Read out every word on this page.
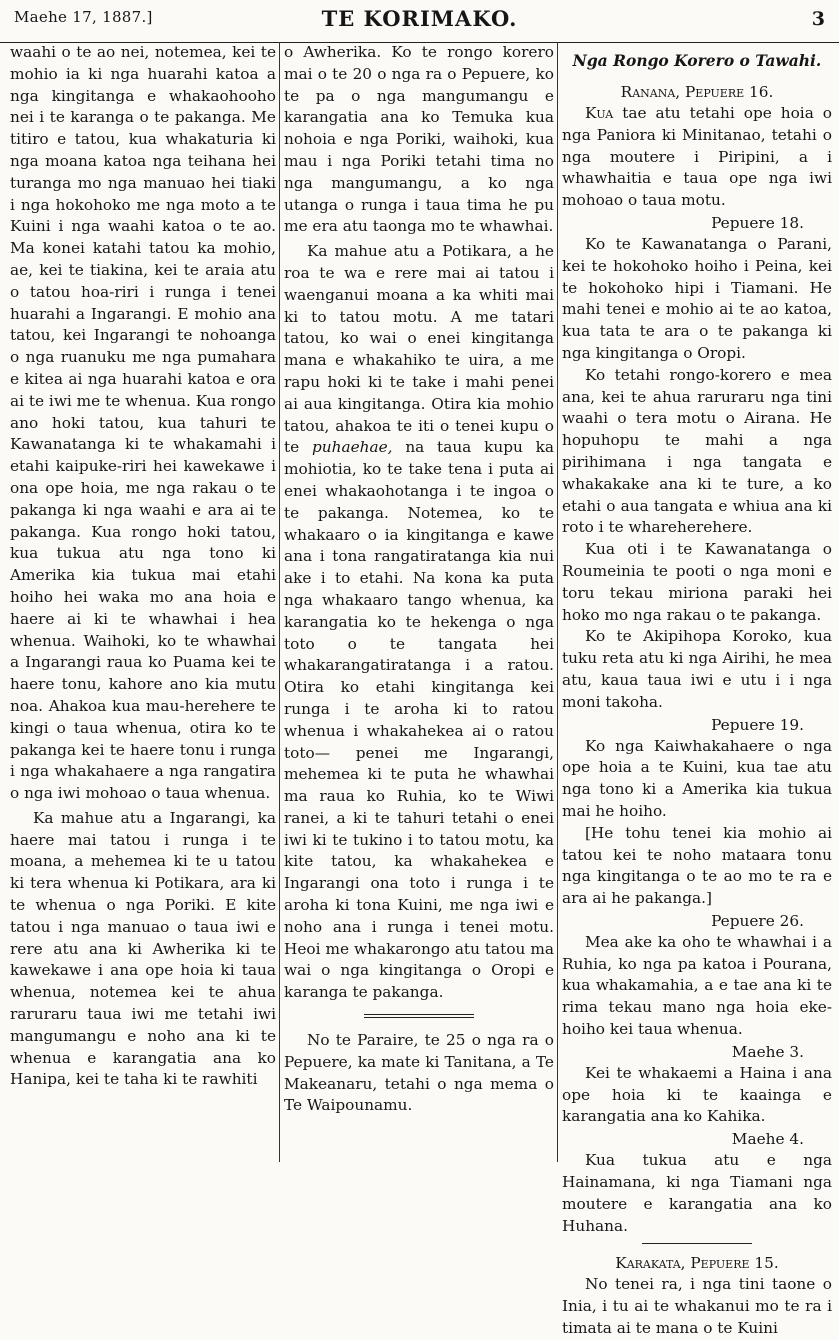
Maehe 17, 1887.]	TE KORIMAKO.	3

waahi o te ao nei, notemea, kei te mohio ia ki nga huarahi katoa a nga kingitanga e whakaohooho nei i te karanga o te pakanga. Me titiro e tatou, kua whakaturia ki nga moana katoa nga teihana hei turanga mo nga manuao hei tiaki i nga hokohoko me nga moto a te Kuini i nga waahi katoa o te ao. Ma konei katahi tatou ka mohio, ae, kei te tiakina, kei te araia atu o tatou hoa-riri i runga i tenei huarahi a Ingarangi. E mohio ana tatou, kei Ingarangi te nohoanga o nga ruanuku me nga pumahara e kitea ai nga huarahi katoa e ora ai te iwi me te whenua. Kua rongo ano hoki tatou, kua tahuri te Kawanatanga ki te whakamahi i etahi kaipuke-riri hei kawekawe i ona ope hoia, me nga rakau o te pakanga ki nga waahi e ara ai te pakanga. Kua rongo hoki tatou, kua tukua atu nga tono ki Amerika kia tukua mai etahi hoiho hei waka mo ana hoia e haere ai ki te whawhai i hea whenua. Waihoki, ko te whawhai a Ingarangi raua ko Puama kei te haere tonu, kahore ano kia mutu noa. Ahakoa kua mau-herehere te kingi o taua whenua, otira ko te pakanga kei te haere tonu i runga i nga whakahaere a nga rangatira o nga iwi mohoao o taua whenua.

Ka mahue atu a Ingarangi, ka haere mai tatou i runga i te moana, a mehemea ki te u tatou ki tera whenua ki Potikara, ara ki te whenua o nga Poriki. E kite tatou i nga manuao o taua iwi e rere atu ana ki Awherika ki te kawekawe i ana ope hoia ki taua whenua, notemea kei te ahua raruraru taua iwi me tetahi iwi mangumangu e noho ana ki te whenua e karangatia ana ko Hanipa, kei te taha ki te rawhiti

o Awherika. Ko te rongo korero mai o te 20 o nga ra o Pepuere, ko te pa o nga mangumangu e karangatia ana ko Temuka kua nohoia e nga Poriki, waihoki, kua mau i nga Poriki tetahi tima no nga mangumangu, a ko nga utanga o runga i taua tima he pu me era atu taonga mo te whawhai.

Ka mahue atu a Potikara, a he roa te wa e rere mai ai tatou i waenganui moana a ka whiti mai ki to tatou motu. A me tatari tatou, ko wai o enei kingitanga mana e whakahiko te uira, a me rapu hoki ki te take i mahi penei ai aua kingitanga. Otira kia mohio tatou, ahakoa te iti o tenei kupu o te puhaehae, na taua kupu ka mohiotia, ko te take tena i puta ai enei whakaohotanga i te ingoa o te pakanga. Notemea, ko te whakaaro o ia kingitanga e kawe ana i tona rangatiratanga kia nui ake i to etahi. Na kona ka puta nga whakaaro tango whenua, ka karangatia ko te hekenga o nga toto o te tangata hei whakarangatiratanga i a ratou. Otira ko etahi kingitanga kei runga i te aroha ki to ratou whenua i whakahekea ai o ratou toto— penei me Ingarangi, mehemea ki te puta he whawhai ma raua ko Ruhia, ko te Wiwi ranei, a ki te tahuri tetahi o enei iwi ki te tukino i to tatou motu, ka kite tatou, ka whakahekea e Ingarangi ona toto i runga i te aroha ki tona Kuini, me nga iwi e noho ana i runga i tenei motu. Heoi me whakarongo atu tatou ma wai o nga kingitanga o Oropi e karanga te pakanga.

No te Paraire, te 25 o nga ra o Pepuere, ka mate ki Tanitana, a Te Makeanaru, tetahi o nga mema o Te Waipounamu.

Nga Rongo Korero o Tawahi.
Ranana, Pepuere 16.

Kua tae atu tetahi ope hoia o nga Paniora ki Minitanao, tetahi o nga moutere i Piripini, a i whawhaitia e taua ope nga iwi mohoao o taua motu.

Pepuere 18.

Ko te Kawanatanga o Parani, kei te hokohoko hoiho i Peina, kei te hokohoko hipi i Tiamani. He mahi tenei e mohio ai te ao katoa, kua tata te ara o te pakanga ki nga kingitanga o Oropi.

Ko tetahi rongo-korero e mea ana, kei te ahua raruraru nga tini waahi o tera motu o Airana. He hopuhopu te mahi a nga pirihimana i nga tangata e whakakake ana ki te ture, a ko etahi o aua tangata e whiua ana ki roto i te whareherehere.

Kua oti i te Kawanatanga o Roumeinia te pooti o nga moni e toru tekau miriona paraki hei hoko mo nga rakau o te pakanga.

Ko te Akipihopa Koroko, kua tuku reta atu ki nga Airihi, he mea atu, kaua taua iwi e utu i i nga moni takoha.

Pepuere 19.

Ko nga Kaiwhakahaere o nga ope hoia a te Kuini, kua tae atu nga tono ki a Amerika kia tukua mai he hoiho.

[He tohu tenei kia mohio ai tatou kei te noho mataara tonu nga kingitanga o te ao mo te ra e ara ai he pakanga.]

Pepuere 26.

Mea ake ka oho te whawhai i a Ruhia, ko nga pa katoa i Pourana, kua whakamahia, a e tae ana ki te rima tekau mano nga hoia eke-hoiho kei taua whenua.

Maehe 3.

Kei te whakaemi a Haina i ana ope hoia ki te kaainga e karangatia ana ko Kahika.

Maehe 4.

Kua tukua atu e nga Hainamana, ki nga Tiamani nga moutere e karangatia ana ko Huhana.

Karakata, Pepuere 15.

No tenei ra, i nga tini taone o Inia, i tu ai te whakanui mo te ra i timata ai te mana o te Kuini
